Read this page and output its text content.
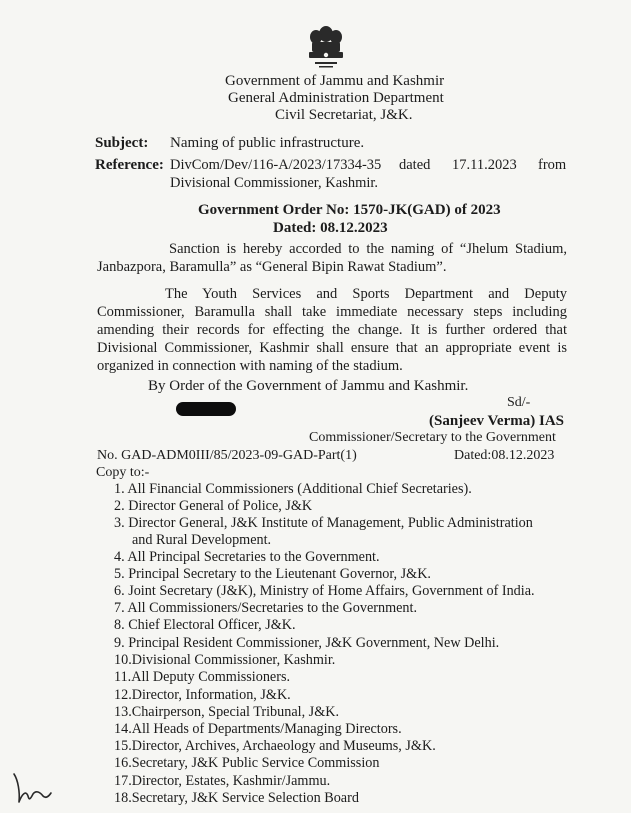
Government of Jammu and Kashmir
General Administration Department
Civil Secretariat, J&K.
Subject: Naming of public infrastructure.
Reference: DivCom/Dev/116-A/2023/17334-35 dated 17.11.2023 from
Divisional Commissioner, Kashmir.
Government Order No: 1570-JK(GAD) of 2023
Dated: 08.12.2023
Sanction is hereby accorded to the naming of “Jhelum Stadium,
Janbazpora, Baramulla” as “General Bipin Rawat Stadium”.
The Youth Services and Sports Department and Deputy
Commissioner, Baramulla shall take immediate necessary steps including
amending their records for effecting the change. It is further ordered that
Divisional Commissioner, Kashmir shall ensure that an appropriate event is
organized in connection with naming of the stadium.
By Order of the Government of Jammu and Kashmir.
Sd/-
(Sanjeev Verma) IAS
Commissioner/Secretary to the Government
No. GAD-ADM0III/85/2023-09-GAD-Part(1)	Dated:08.12.2023
Copy to:-
1. All Financial Commissioners (Additional Chief Secretaries).
2. Director General of Police, J&K
3. Director General, J&K Institute of Management, Public Administration
and Rural Development.
4. All Principal Secretaries to the Government.
5. Principal Secretary to the Lieutenant Governor, J&K.
6. Joint Secretary (J&K), Ministry of Home Affairs, Government of India.
7. All Commissioners/Secretaries to the Government.
8. Chief Electoral Officer, J&K.
9. Principal Resident Commissioner, J&K Government, New Delhi.
10.Divisional Commissioner, Kashmir.
11.All Deputy Commissioners.
12.Director, Information, J&K.
13.Chairperson, Special Tribunal, J&K.
14.All Heads of Departments/Managing Directors.
15.Director, Archives, Archaeology and Museums, J&K.
16.Secretary, J&K Public Service Commission
17.Director, Estates, Kashmir/Jammu.
18.Secretary, J&K Service Selection Board
